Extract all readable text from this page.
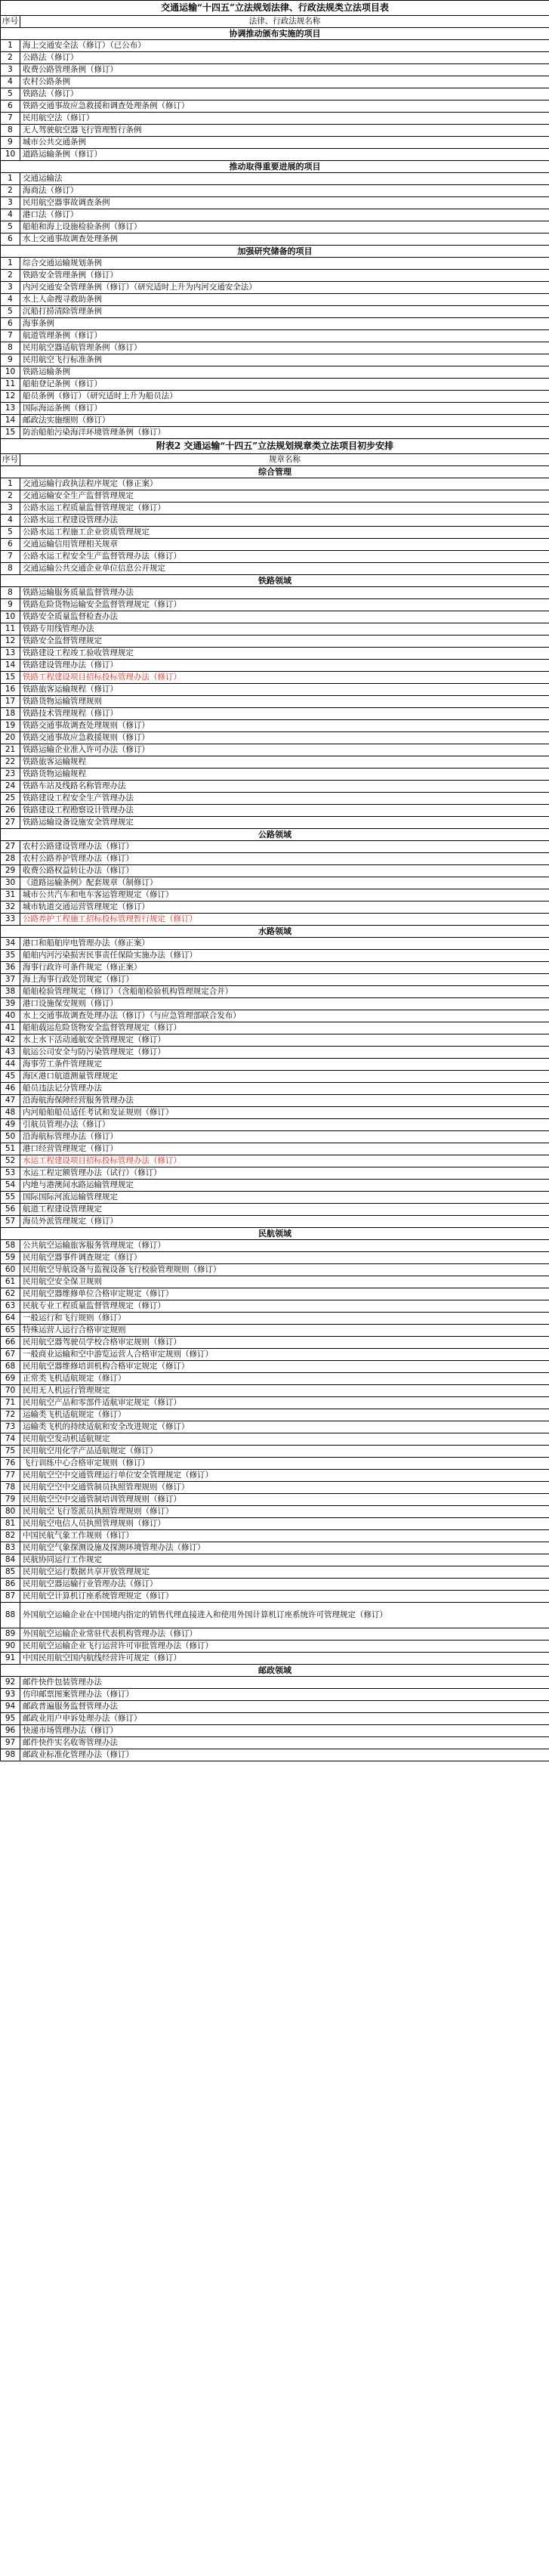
交通运输“十四五”立法规划法律、行政法规类立法项目表	
序号	法律、行政法规名称
协调推动颁布实施的项目	
1	海上交通安全法（修订）（已公布）
2	公路法（修订）
3	收费公路管理条例（修订）
4	农村公路条例
5	铁路法（修订）
6	铁路交通事故应急救援和调查处理条例（修订）
7	民用航空法（修订）
8	无人驾驶航空器飞行管理暂行条例
9	城市公共交通条例
10	道路运输条例（修订）
推动取得重要进展的项目	
1	交通运输法
2	海商法（修订）
3	民用航空器事故调查条例
4	港口法（修订）
5	船舶和海上设施检验条例（修订）
6	水上交通事故调查处理条例
加强研究储备的项目	
1	综合交通运输规划条例
2	铁路安全管理条例（修订）
3	内河交通安全管理条例（修订）（研究适时上升为内河交通安全法）
4	水上人命搜寻救助条例
5	沉船打捞清除管理条例
6	海事条例
7	航道管理条例（修订）
8	民用航空器适航管理条例（修订）
9	民用航空飞行标准条例
10	铁路运输条例
11	船舶登记条例（修订）
12	船员条例（修订）（研究适时上升为船员法）
13	国际海运条例（修订）
14	邮政法实施细则（修订）
15	防治船舶污染海洋环境管理条例（修订）
附表2 交通运输“十四五”立法规划规章类立法项目初步安排	
序号	规章名称
综合管理	
1	交通运输行政执法程序规定（修正案）
2	交通运输安全生产监督管理规定
3	公路水运工程质量监督管理规定（修订）
4	公路水运工程建设管理办法
5	公路水运工程施工企业资质管理规定
6	交通运输信用管理相关规章
7	公路水运工程安全生产监督管理办法（修订）
8	交通运输公共交通企业单位信息公开规定
铁路领域	
8	铁路运输服务质量监督管理办法
9	铁路危险货物运输安全监督管理规定（修订）
10	铁路安全质量监督检查办法
11	铁路专用线管理办法
12	铁路安全监督管理规定
13	铁路建设工程竣工验收管理规定
14	铁路建设管理办法（修订）
15	铁路工程建设项目招标投标管理办法（修订）
16	铁路旅客运输规程（修订）
17	铁路货物运输管理规则
18	铁路技术管理规程（修订）
19	铁路交通事故调查处理规则（修订）
20	铁路交通事故应急救援规则（修订）
21	铁路运输企业准入许可办法（修订）
22	铁路旅客运输规程
23	铁路货物运输规程
24	铁路车站及线路名称管理办法
25	铁路建设工程安全生产管理办法
26	铁路建设工程勘察设计管理办法
27	铁路运输设备设施安全管理规定
公路领域	
27	农村公路建设管理办法（修订）
28	农村公路养护管理办法（修订）
29	收费公路权益转让办法（修订）
30	《道路运输条例》配套规章（制修订）
31	城市公共汽车和电车客运管理规定（修订）
32	城市轨道交通运营管理规定（修订）
33	公路养护工程施工招标投标管理暂行规定（修订）
水路领域	
34	港口和船舶岸电管理办法（修正案）
35	船舶内河污染损害民事责任保险实施办法（修订）
36	海事行政许可条件规定（修正案）
37	海上海事行政处罚规定（修订）
38	船舶检验管理规定（修订）（含船舶检验机构管理规定合并）
39	港口设施保安规则（修订）
40	水上交通事故调查处理办法（修订）（与应急管理部联合发布）
41	船舶载运危险货物安全监督管理规定（修订）
42	水上水下活动通航安全管理规定（修订）
43	航运公司安全与防污染管理规定（修订）
44	海事劳工条件管理规定
45	海区港口航道测量管理规定
46	船员违法记分管理办法
47	沿海航海保障经营服务管理办法
48	内河船舶船员适任考试和发证规则（修订）
49	引航员管理办法（修订）
50	沿海航标管理办法（修订）
51	港口经营管理规定（修订）
52	水运工程建设项目招标投标管理办法（修订）
53	水运工程定额管理办法（试行）（修订）
54	内地与港澳间水路运输管理规定
55	国际国际河流运输管理规定
56	航道工程建设管理规定
57	海员外派管理规定（修订）
民航领域	
58	公共航空运输旅客服务管理规定（修订）
59	民用航空器事件调查规定（修订）
60	民用航空导航设备与监视设备飞行校验管理规则（修订）
61	民用航空安全保卫规则
62	民用航空器维修单位合格审定规定（修订）
63	民航专业工程质量监督管理规定（修订）
64	一般运行和飞行规则（修订）
65	特殊运营人运行合格审定规则
66	民用航空器驾驶员学校合格审定规则（修订）
67	一般商业运输和空中游览运营人合格审定规则（修订）
68	民用航空器维修培训机构合格审定规定（修订）
69	正常类飞机适航规定（修订）
70	民用无人机运行管理规定
71	民用航空产品和零部件适航审定规定（修订）
72	运输类飞机适航规定（修订）
73	运输类飞机的持续适航和安全改进规定（修订）
74	民用航空发动机适航规定
75	民用航空用化学产品适航规定（修订）
76	飞行训练中心合格审定规则（修订）
77	民用航空空中交通管理运行单位安全管理规定（修订）
78	民用航空空中交通管制员执照管理规则（修订）
79	民用航空空中交通管制培训管理规则（修订）
80	民用航空飞行签派员执照管理规则（修订）
81	民用航空电信人员执照管理规则（修订）
82	中国民航气象工作规则（修订）
83	民用航空气象探测设施及探测环境管理办法（修订）
84	民航协同运行工作规定
85	民用航空运行数据共享开放管理规定
86	民用航空器运输行业管理办法（修订）
87	民用航空计算机订座系统管理规定（修订）
88	外国航空运输企业在中国境内指定的销售代理直接进入和使用外国计算机订座系统许可管理规定（修订）
89	外国航空运输企业常驻代表机构管理办法（修订）
90	民用航空运输企业飞行运营许可审批管理办法（修订）
91	中国民用航空国内航线经营许可规定（修订）
邮政领域	
92	邮件快件包装管理办法
93	仿印邮票图案管理办法（修订）
94	邮政普遍服务监督管理办法
95	邮政业用户申诉处理办法（修订）
96	快递市场管理办法（修订）
97	邮件快件实名收寄管理办法
98	邮政业标准化管理办法（修订）
